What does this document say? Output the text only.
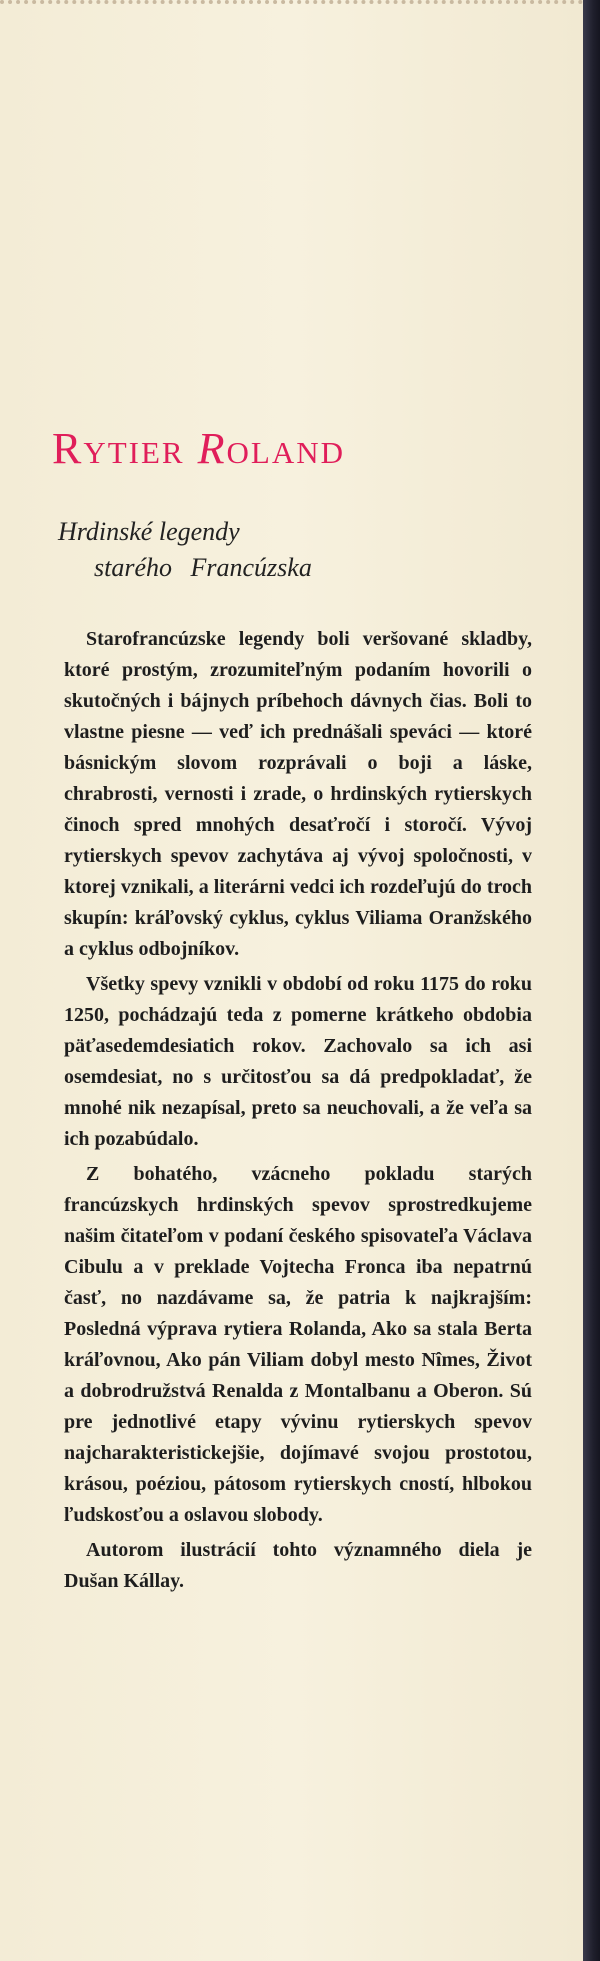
Rytier Roland
Hrdinské legendy
starého Francúzska

Starofrancúzske legendy boli veršované skladby, ktoré prostým, zrozumiteľným podaním hovorili o skutočných i bájnych príbehoch dávnych čias. Boli to vlastne piesne — veď ich prednášali speváci — ktoré básnickým slovom rozprávali o boji a láske, chrabrosti, vernosti i zrade, o hrdinských rytierskych činoch spred mnohých desaťročí i storočí. Vývoj rytierskych spevov zachytáva aj vývoj spoločnosti, v ktorej vznikali, a literárni vedci ich rozdeľujú do troch skupín: kráľovský cyklus, cyklus Viliama Oranžského a cyklus odbojníkov.

Všetky spevy vznikli v období od roku 1175 do roku 1250, pochádzajú teda z pomerne krátkeho obdobia päťasedemdesiatich rokov. Zachovalo sa ich asi osemdesiat, no s určitosťou sa dá predpokladať, že mnohé nik nezapísal, preto sa neuchovali, a že veľa sa ich pozabúdalo.

Z bohatého, vzácneho pokladu starých francúzskych hrdinských spevov sprostredkujeme našim čitateľom v podaní českého spisovateľa Václava Cibulu a v preklade Vojtecha Fronca iba nepatrnú časť, no nazdávame sa, že patria k najkrajším: Posledná výprava rytiera Rolanda, Ako sa stala Berta kráľovnou, Ako pán Viliam dobyl mesto Nîmes, Život a dobrodružstvá Renalda z Montalbanu a Oberon. Sú pre jednotlivé etapy vývinu rytierskych spevov najcharakteristickejšie, dojímavé svojou prostotou, krásou, poéziou, pátosom rytierskych cností, hlbokou ľudskosťou a oslavou slobody.

Autorom ilustrácií tohto významného diela je Dušan Kállay.
